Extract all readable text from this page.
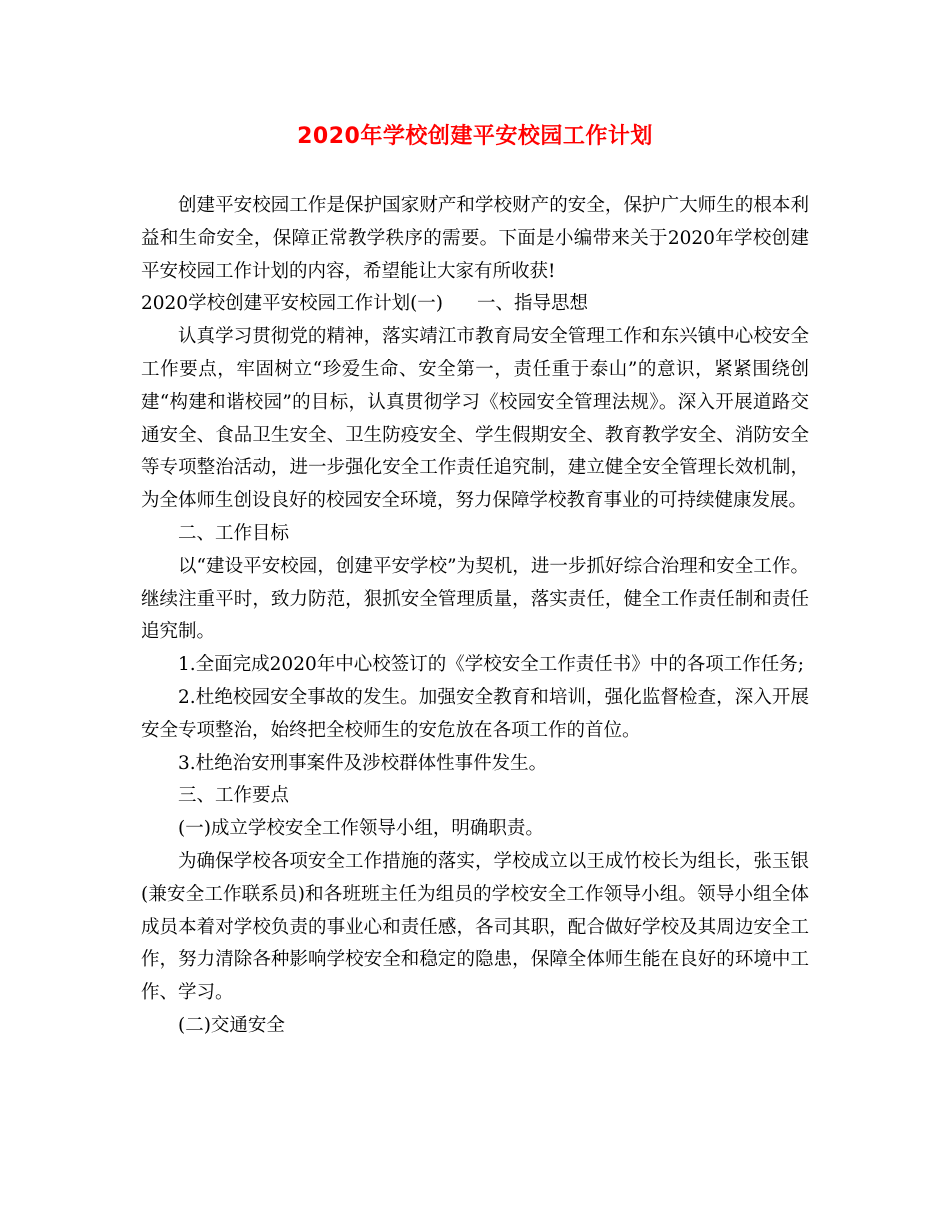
2020年学校创建平安校园工作计划

创建平安校园工作是保护国家财产和学校财产的安全，保护广大师生的根本利益和生命安全，保障正常教学秩序的需要。下面是小编带来关于2020年学校创建平安校园工作计划的内容，希望能让大家有所收获!

2020学校创建平安校园工作计划(一) 一、指导思想

认真学习贯彻党的精神，落实靖江市教育局安全管理工作和东兴镇中心校安全工作要点，牢固树立“珍爱生命、安全第一，责任重于泰山”的意识，紧紧围绕创建“构建和谐校园”的目标，认真贯彻学习《校园安全管理法规》。深入开展道路交通安全、食品卫生安全、卫生防疫安全、学生假期安全、教育教学安全、消防安全等专项整治活动，进一步强化安全工作责任追究制，建立健全安全管理长效机制，为全体师生创设良好的校园安全环境，努力保障学校教育事业的可持续健康发展。

二、工作目标

以“建设平安校园，创建平安学校”为契机，进一步抓好综合治理和安全工作。继续注重平时，致力防范，狠抓安全管理质量，落实责任，健全工作责任制和责任追究制。

1.全面完成2020年中心校签订的《学校安全工作责任书》中的各项工作任务;

2.杜绝校园安全事故的发生。加强安全教育和培训，强化监督检查，深入开展安全专项整治，始终把全校师生的安危放在各项工作的首位。

3.杜绝治安刑事案件及涉校群体性事件发生。

三、工作要点

(一)成立学校安全工作领导小组，明确职责。

为确保学校各项安全工作措施的落实，学校成立以王成竹校长为组长，张玉银(兼安全工作联系员)和各班班主任为组员的学校安全工作领导小组。领导小组全体成员本着对学校负责的事业心和责任感，各司其职，配合做好学校及其周边安全工作，努力清除各种影响学校安全和稳定的隐患，保障全体师生能在良好的环境中工作、学习。

(二)交通安全
